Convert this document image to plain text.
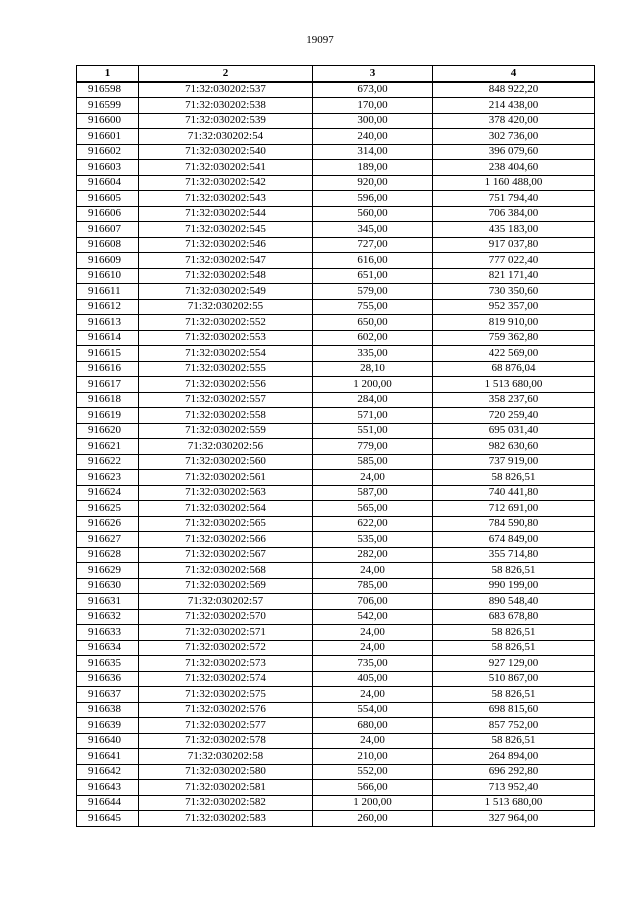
19097
1	2	3	4
916598	71:32:030202:537	673,00	848 922,20
916599	71:32:030202:538	170,00	214 438,00
916600	71:32:030202:539	300,00	378 420,00
916601	71:32:030202:54	240,00	302 736,00
916602	71:32:030202:540	314,00	396 079,60
916603	71:32:030202:541	189,00	238 404,60
916604	71:32:030202:542	920,00	1 160 488,00
916605	71:32:030202:543	596,00	751 794,40
916606	71:32:030202:544	560,00	706 384,00
916607	71:32:030202:545	345,00	435 183,00
916608	71:32:030202:546	727,00	917 037,80
916609	71:32:030202:547	616,00	777 022,40
916610	71:32:030202:548	651,00	821 171,40
916611	71:32:030202:549	579,00	730 350,60
916612	71:32:030202:55	755,00	952 357,00
916613	71:32:030202:552	650,00	819 910,00
916614	71:32:030202:553	602,00	759 362,80
916615	71:32:030202:554	335,00	422 569,00
916616	71:32:030202:555	28,10	68 876,04
916617	71:32:030202:556	1 200,00	1 513 680,00
916618	71:32:030202:557	284,00	358 237,60
916619	71:32:030202:558	571,00	720 259,40
916620	71:32:030202:559	551,00	695 031,40
916621	71:32:030202:56	779,00	982 630,60
916622	71:32:030202:560	585,00	737 919,00
916623	71:32:030202:561	24,00	58 826,51
916624	71:32:030202:563	587,00	740 441,80
916625	71:32:030202:564	565,00	712 691,00
916626	71:32:030202:565	622,00	784 590,80
916627	71:32:030202:566	535,00	674 849,00
916628	71:32:030202:567	282,00	355 714,80
916629	71:32:030202:568	24,00	58 826,51
916630	71:32:030202:569	785,00	990 199,00
916631	71:32:030202:57	706,00	890 548,40
916632	71:32:030202:570	542,00	683 678,80
916633	71:32:030202:571	24,00	58 826,51
916634	71:32:030202:572	24,00	58 826,51
916635	71:32:030202:573	735,00	927 129,00
916636	71:32:030202:574	405,00	510 867,00
916637	71:32:030202:575	24,00	58 826,51
916638	71:32:030202:576	554,00	698 815,60
916639	71:32:030202:577	680,00	857 752,00
916640	71:32:030202:578	24,00	58 826,51
916641	71:32:030202:58	210,00	264 894,00
916642	71:32:030202:580	552,00	696 292,80
916643	71:32:030202:581	566,00	713 952,40
916644	71:32:030202:582	1 200,00	1 513 680,00
916645	71:32:030202:583	260,00	327 964,00
